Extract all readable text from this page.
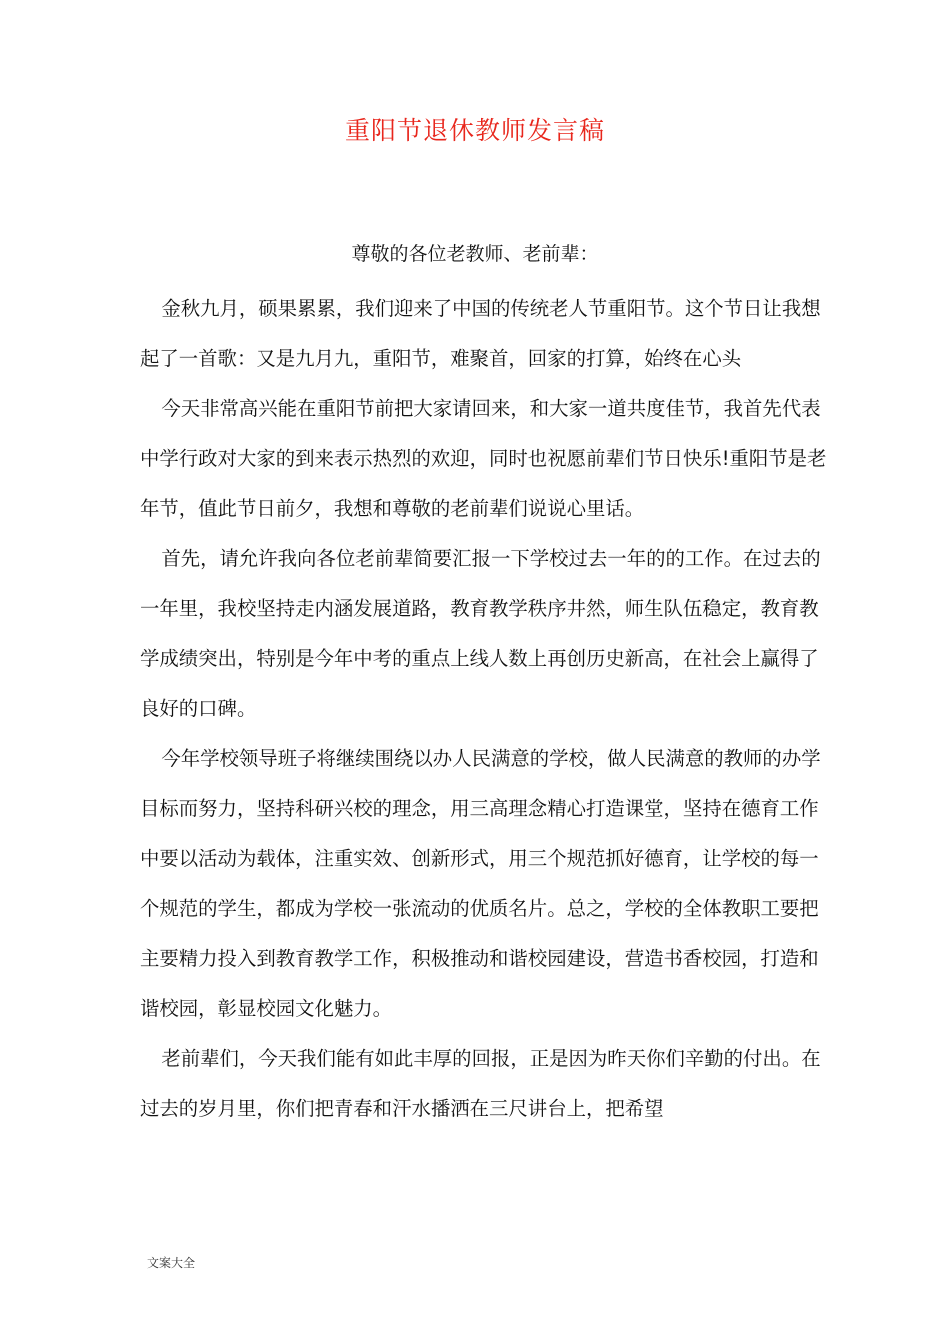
重阳节退休教师发言稿
尊敬的各位老教师、老前辈：

金秋九月，硕果累累，我们迎来了中国的传统老人节重阳节。这个节日让我想起了一首歌：又是九月九，重阳节，难聚首，回家的打算，始终在心头

今天非常高兴能在重阳节前把大家请回来，和大家一道共度佳节，我首先代表中学行政对大家的到来表示热烈的欢迎，同时也祝愿前辈们节日快乐!重阳节是老年节，值此节日前夕，我想和尊敬的老前辈们说说心里话。

首先，请允许我向各位老前辈简要汇报一下学校过去一年的的工作。在过去的一年里，我校坚持走内涵发展道路，教育教学秩序井然，师生队伍稳定，教育教学成绩突出，特别是今年中考的重点上线人数上再创历史新高，在社会上赢得了良好的口碑。

今年学校领导班子将继续围绕以办人民满意的学校，做人民满意的教师的办学目标而努力，坚持科研兴校的理念，用三高理念精心打造课堂，坚持在德育工作中要以活动为载体，注重实效、创新形式，用三个规范抓好德育，让学校的每一个规范的学生，都成为学校一张流动的优质名片。总之，学校的全体教职工要把主要精力投入到教育教学工作，积极推动和谐校园建设，营造书香校园，打造和谐校园，彰显校园文化魅力。

老前辈们，今天我们能有如此丰厚的回报，正是因为昨天你们辛勤的付出。在过去的岁月里，你们把青春和汗水播洒在三尺讲台上，把希望

文案大全
